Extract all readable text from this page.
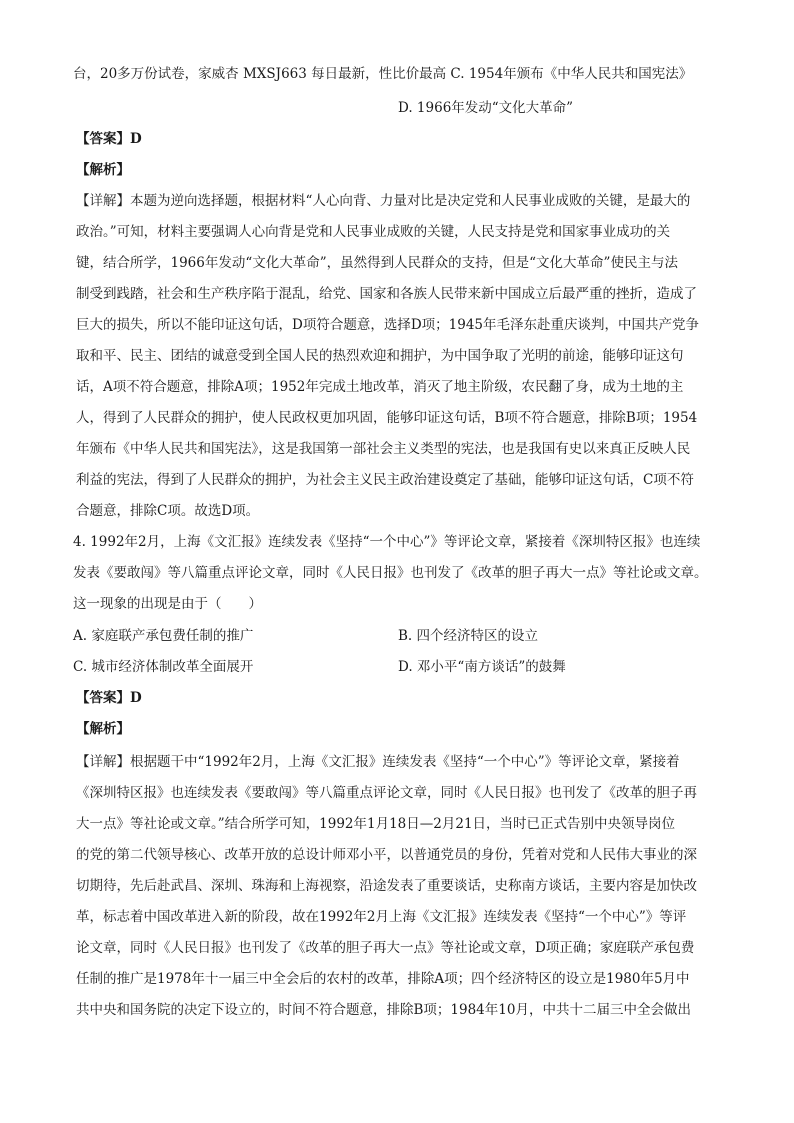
台，20多万份试卷，家威杏 MXSJ663 每日最新，性比价最高 C. 1954年颁布《中华人民共和国宪法》
D. 1966年发动“文化大革命”
【答案】D
【解析】
【详解】本题为逆向选择题，根据材料“人心向背、力量对比是决定党和人民事业成败的关键，是最大的
政治。”可知，材料主要强调人心向背是党和人民事业成败的关键，人民支持是党和国家事业成功的关
键，结合所学，1966年发动“文化大革命”，虽然得到人民群众的支持，但是“文化大革命”使民主与法
制受到践踏，社会和生产秩序陷于混乱，给党、国家和各族人民带来新中国成立后最严重的挫折，造成了
巨大的损失，所以不能印证这句话，D项符合题意，选择D项；1945年毛泽东赴重庆谈判，中国共产党争
取和平、民主、团结的诚意受到全国人民的热烈欢迎和拥护，为中国争取了光明的前途，能够印证这句
话，A项不符合题意，排除A项；1952年完成土地改革，消灭了地主阶级，农民翻了身，成为土地的主
人，得到了人民群众的拥护，使人民政权更加巩固，能够印证这句话，B项不符合题意，排除B项；1954
年颁布《中华人民共和国宪法》，这是我国第一部社会主义类型的宪法，也是我国有史以来真正反映人民
利益的宪法，得到了人民群众的拥护，为社会主义民主政治建设奠定了基础，能够印证这句话，C项不符
合题意，排除C项。故选D项。
4. 1992年2月，上海《文汇报》连续发表《坚持“一个中心”》等评论文章，紧接着《深圳特区报》也连续
发表《要敢闯》等八篇重点评论文章，同时《人民日报》也刊发了《改革的胆子再大一点》等社论或文章。
这一现象的出现是由于（　　）
A. 家庭联产承包费任制的推广	B. 四个经济特区的设立
C. 城市经济体制改革全面展开	D. 邓小平“南方谈话”的鼓舞
【答案】D
【解析】
【详解】根据题干中“1992年2月，上海《文汇报》连续发表《坚持“一个中心”》等评论文章，紧接着
《深圳特区报》也连续发表《要敢闯》等八篇重点评论文章，同时《人民日报》也刊发了《改革的胆子再
大一点》等社论或文章。”结合所学可知，1992年1月18日—2月21日，当时已正式告别中央领导岗位
的党的第二代领导核心、改革开放的总设计师邓小平，以普通党员的身份，凭着对党和人民伟大事业的深
切期待，先后赴武昌、深圳、珠海和上海视察，沿途发表了重要谈话，史称南方谈话，主要内容是加快改
革，标志着中国改革进入新的阶段，故在1992年2月上海《文汇报》连续发表《坚持“一个中心”》等评
论文章，同时《人民日报》也刊发了《改革的胆子再大一点》等社论或文章，D项正确；家庭联产承包费
任制的推广是1978年十一届三中全会后的农村的改革，排除A项；四个经济特区的设立是1980年5月中
共中央和国务院的决定下设立的，时间不符合题意，排除B项；1984年10月，中共十二届三中全会做出
